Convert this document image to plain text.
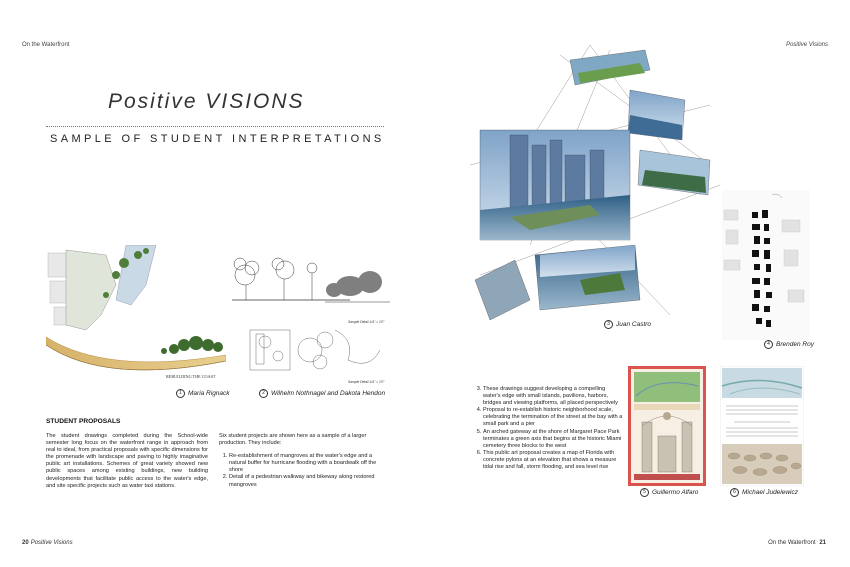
On the Waterfront
Positive VISIONS
SAMPLE OF STUDENT INTERPRETATIONS
REBUILDING THE COAST
Sample Detail 1/4" = 1'0"
Sample Detail 1/4" = 1'0"
1 Maria Rignack	2 Wilhelm Nothnagel and Dakota Hendon
STUDENT PROPOSALS
The student drawings completed during the School-wide semester long focus on the waterfront range in approach from real to ideal, from practical proposals with specific dimensions for the promenade with landscape and paving to highly imaginative public art installations. Schemes of great variety showed new public spaces among existing buildings, new building developments that facilitate public access to the water's edge, and site specific projects such as water taxi stations.
Six student projects are shown here as a sample of a larger production. They include:
1. Re-establishment of mangroves at the water's edge and a natural buffer for hurricane flooding with a boardwalk off the shore
2. Detail of a pedestrian walkway and bikeway along restored mangroves
20 Positive Visions
Positive Visions
3 Juan Castro
4 Brenden Roy
3. These drawings suggest developing a compelling water's edge with small islands, pavilions, harbors, bridges and viewing platforms, all placed perspectively
4. Proposal to re-establish historic neighborhood scale, celebrating the termination of the street at the bay with a small park and a pier
5. An arched gateway at the shore of Margaret Pace Park terminates a green axis that begins at the historic Miami cemetery three blocks to the west
6. This public art proposal creates a map of Florida with concrete pylons at an elevation that shows a measure tidal rise and fall, storm flooding, and sea level rise
5 Guillermo Alfaro	6 Michael Judelewicz
On the Waterfront 21
